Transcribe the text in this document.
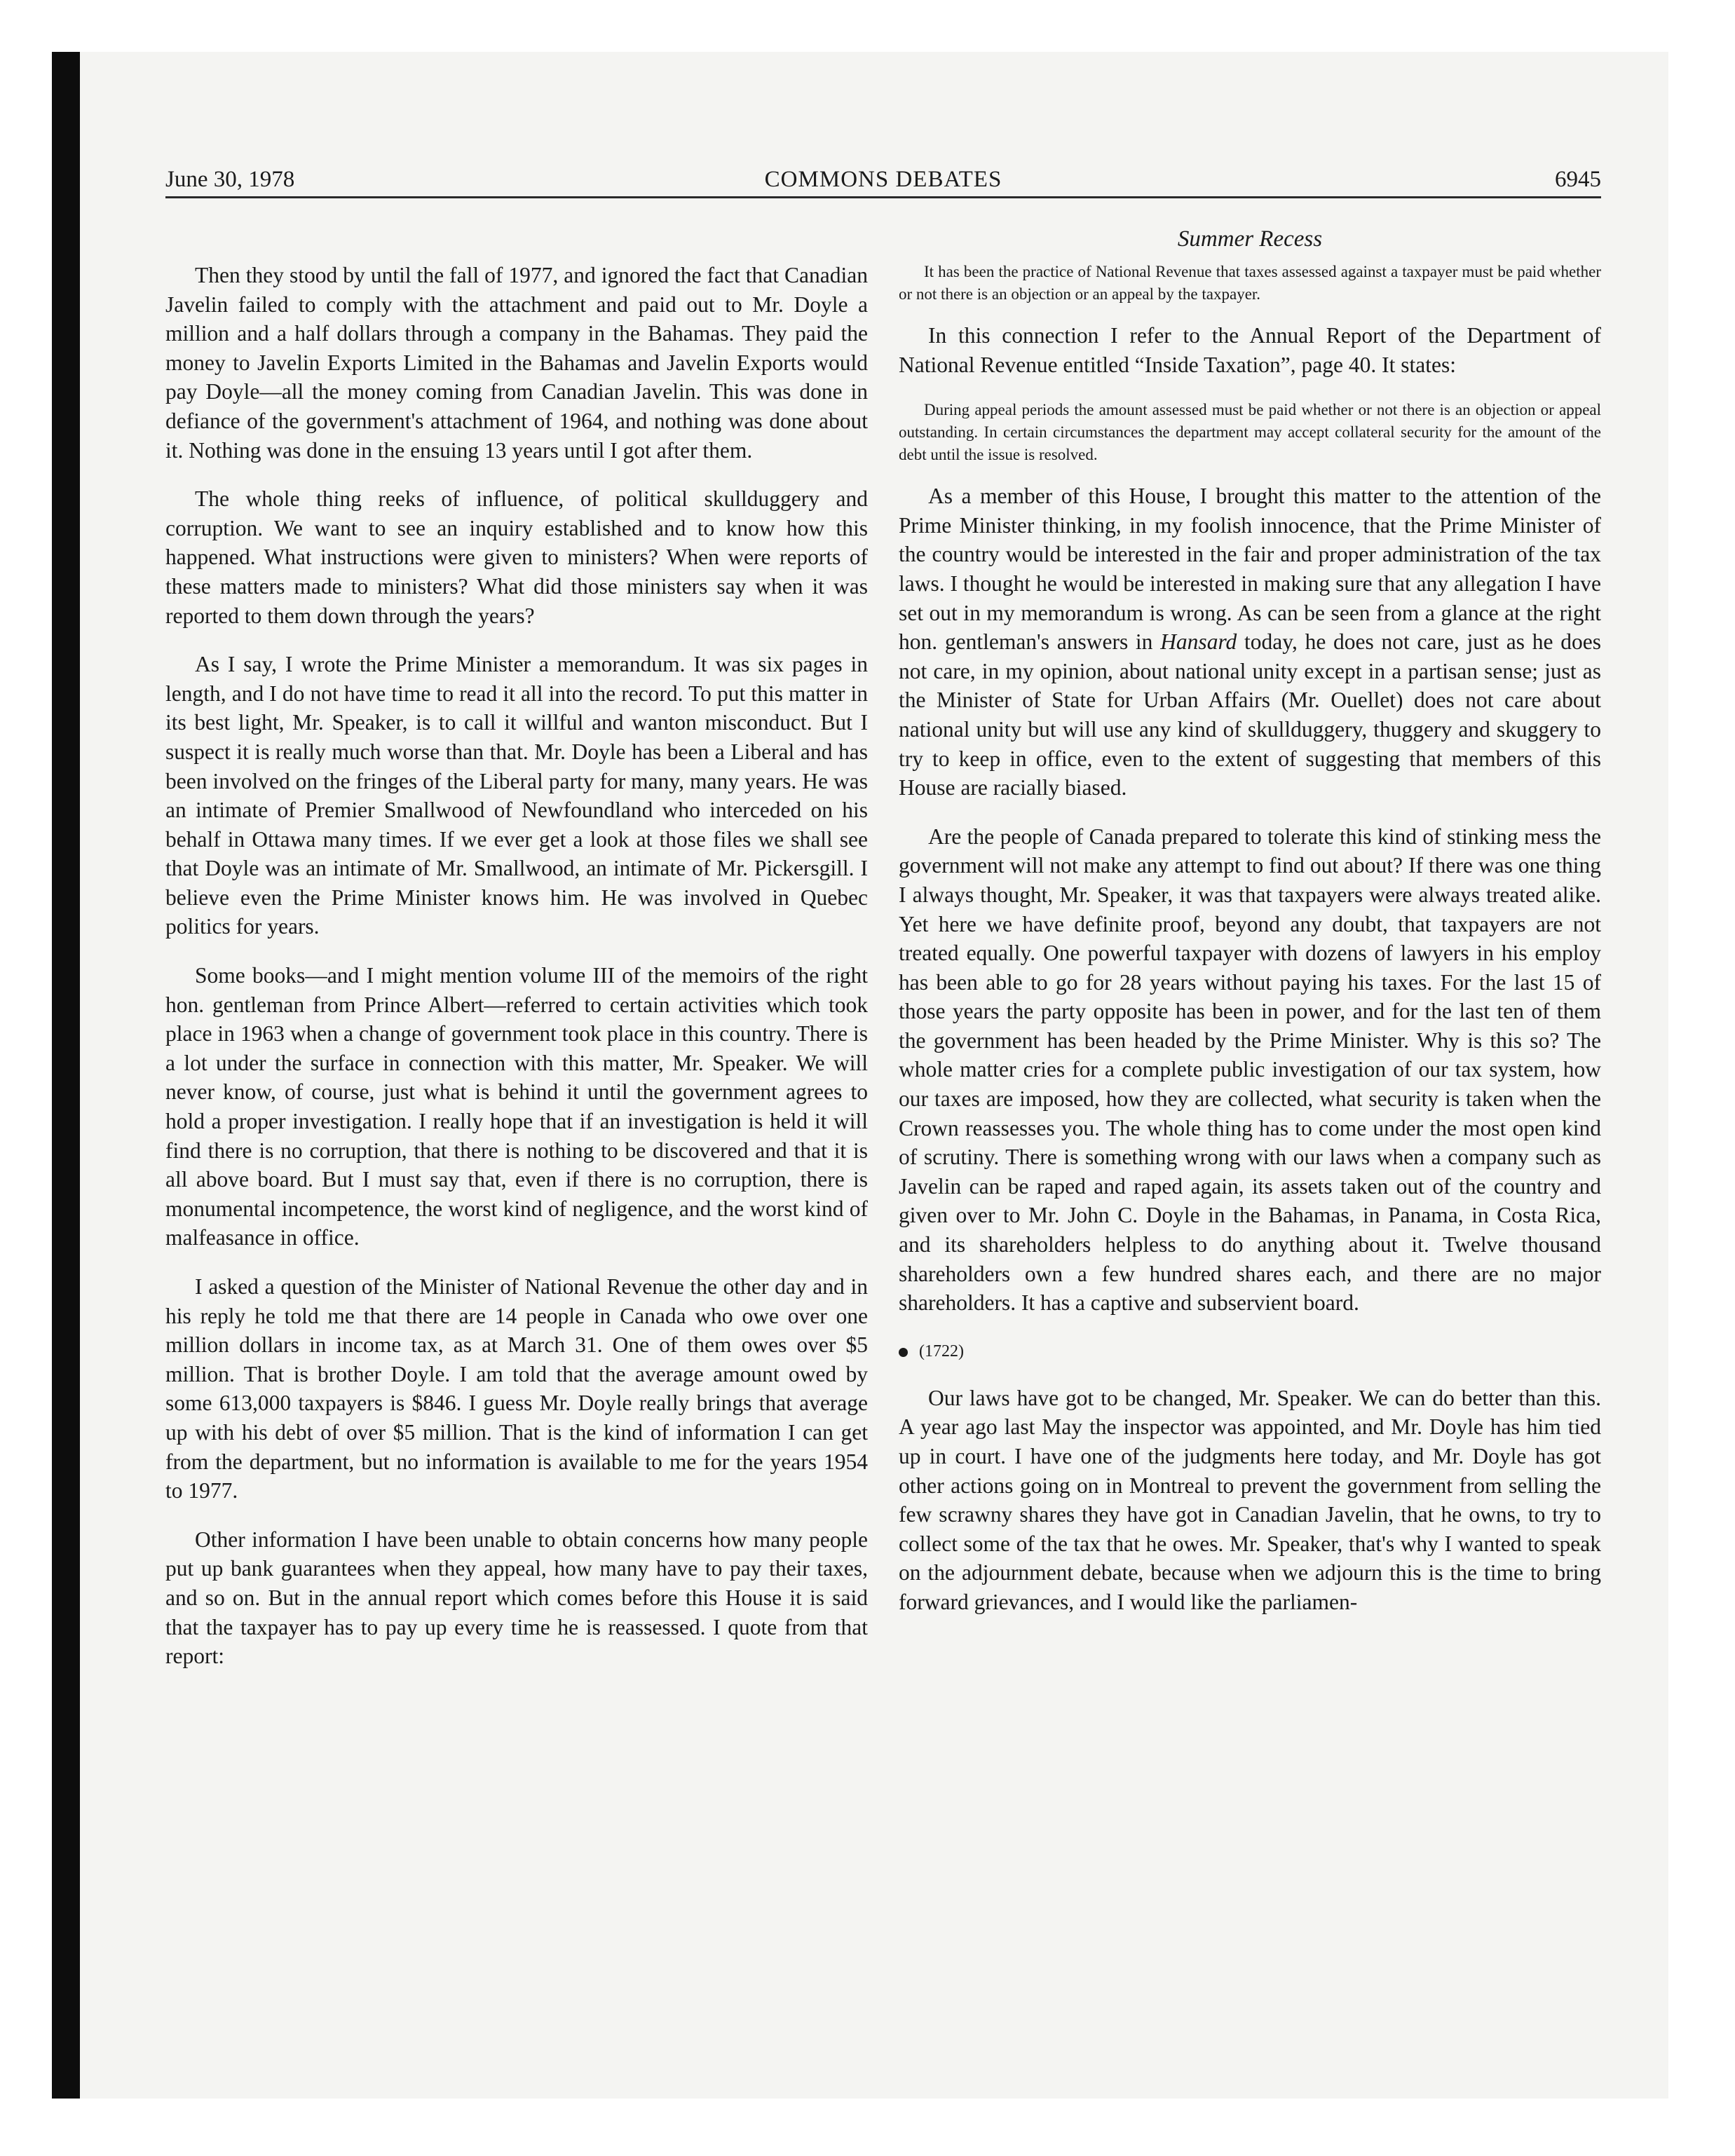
June 30, 1978	COMMONS DEBATES	6945

Then they stood by until the fall of 1977, and ignored the fact that Canadian Javelin failed to comply with the attachment and paid out to Mr. Doyle a million and a half dollars through a company in the Bahamas. They paid the money to Javelin Exports Limited in the Bahamas and Javelin Exports would pay Doyle—all the money coming from Canadian Javelin. This was done in defiance of the government's attachment of 1964, and nothing was done about it. Nothing was done in the ensuing 13 years until I got after them.

The whole thing reeks of influence, of political skullduggery and corruption. We want to see an inquiry established and to know how this happened. What instructions were given to ministers? When were reports of these matters made to ministers? What did those ministers say when it was reported to them down through the years?

As I say, I wrote the Prime Minister a memorandum. It was six pages in length, and I do not have time to read it all into the record. To put this matter in its best light, Mr. Speaker, is to call it willful and wanton misconduct. But I suspect it is really much worse than that. Mr. Doyle has been a Liberal and has been involved on the fringes of the Liberal party for many, many years. He was an intimate of Premier Smallwood of Newfoundland who interceded on his behalf in Ottawa many times. If we ever get a look at those files we shall see that Doyle was an intimate of Mr. Smallwood, an intimate of Mr. Pickersgill. I believe even the Prime Minister knows him. He was involved in Quebec politics for years.

Some books—and I might mention volume III of the memoirs of the right hon. gentleman from Prince Albert—referred to certain activities which took place in 1963 when a change of government took place in this country. There is a lot under the surface in connection with this matter, Mr. Speaker. We will never know, of course, just what is behind it until the government agrees to hold a proper investigation. I really hope that if an investigation is held it will find there is no corruption, that there is nothing to be discovered and that it is all above board. But I must say that, even if there is no corruption, there is monumental incompetence, the worst kind of negligence, and the worst kind of malfeasance in office.

I asked a question of the Minister of National Revenue the other day and in his reply he told me that there are 14 people in Canada who owe over one million dollars in income tax, as at March 31. One of them owes over $5 million. That is brother Doyle. I am told that the average amount owed by some 613,000 taxpayers is $846. I guess Mr. Doyle really brings that average up with his debt of over $5 million. That is the kind of information I can get from the department, but no information is available to me for the years 1954 to 1977.

Other information I have been unable to obtain concerns how many people put up bank guarantees when they appeal, how many have to pay their taxes, and so on. But in the annual report which comes before this House it is said that the taxpayer has to pay up every time he is reassessed. I quote from that report:

Summer Recess

It has been the practice of National Revenue that taxes assessed against a taxpayer must be paid whether or not there is an objection or an appeal by the taxpayer.

In this connection I refer to the Annual Report of the Department of National Revenue entitled “Inside Taxation”, page 40. It states:

During appeal periods the amount assessed must be paid whether or not there is an objection or appeal outstanding. In certain circumstances the department may accept collateral security for the amount of the debt until the issue is resolved.

As a member of this House, I brought this matter to the attention of the Prime Minister thinking, in my foolish innocence, that the Prime Minister of the country would be interested in the fair and proper administration of the tax laws. I thought he would be interested in making sure that any allegation I have set out in my memorandum is wrong. As can be seen from a glance at the right hon. gentleman's answers in Hansard today, he does not care, just as he does not care, in my opinion, about national unity except in a partisan sense; just as the Minister of State for Urban Affairs (Mr. Ouellet) does not care about national unity but will use any kind of skullduggery, thuggery and skuggery to try to keep in office, even to the extent of suggesting that members of this House are racially biased.

Are the people of Canada prepared to tolerate this kind of stinking mess the government will not make any attempt to find out about? If there was one thing I always thought, Mr. Speaker, it was that taxpayers were always treated alike. Yet here we have definite proof, beyond any doubt, that taxpayers are not treated equally. One powerful taxpayer with dozens of lawyers in his employ has been able to go for 28 years without paying his taxes. For the last 15 of those years the party opposite has been in power, and for the last ten of them the government has been headed by the Prime Minister. Why is this so? The whole matter cries for a complete public investigation of our tax system, how our taxes are imposed, how they are collected, what security is taken when the Crown reassesses you. The whole thing has to come under the most open kind of scrutiny. There is something wrong with our laws when a company such as Javelin can be raped and raped again, its assets taken out of the country and given over to Mr. John C. Doyle in the Bahamas, in Panama, in Costa Rica, and its shareholders helpless to do anything about it. Twelve thousand shareholders own a few hundred shares each, and there are no major shareholders. It has a captive and subservient board.

(1722)

Our laws have got to be changed, Mr. Speaker. We can do better than this. A year ago last May the inspector was appointed, and Mr. Doyle has him tied up in court. I have one of the judgments here today, and Mr. Doyle has got other actions going on in Montreal to prevent the government from selling the few scrawny shares they have got in Canadian Javelin, that he owns, to try to collect some of the tax that he owes. Mr. Speaker, that's why I wanted to speak on the adjournment debate, because when we adjourn this is the time to bring forward grievances, and I would like the parliamen-
